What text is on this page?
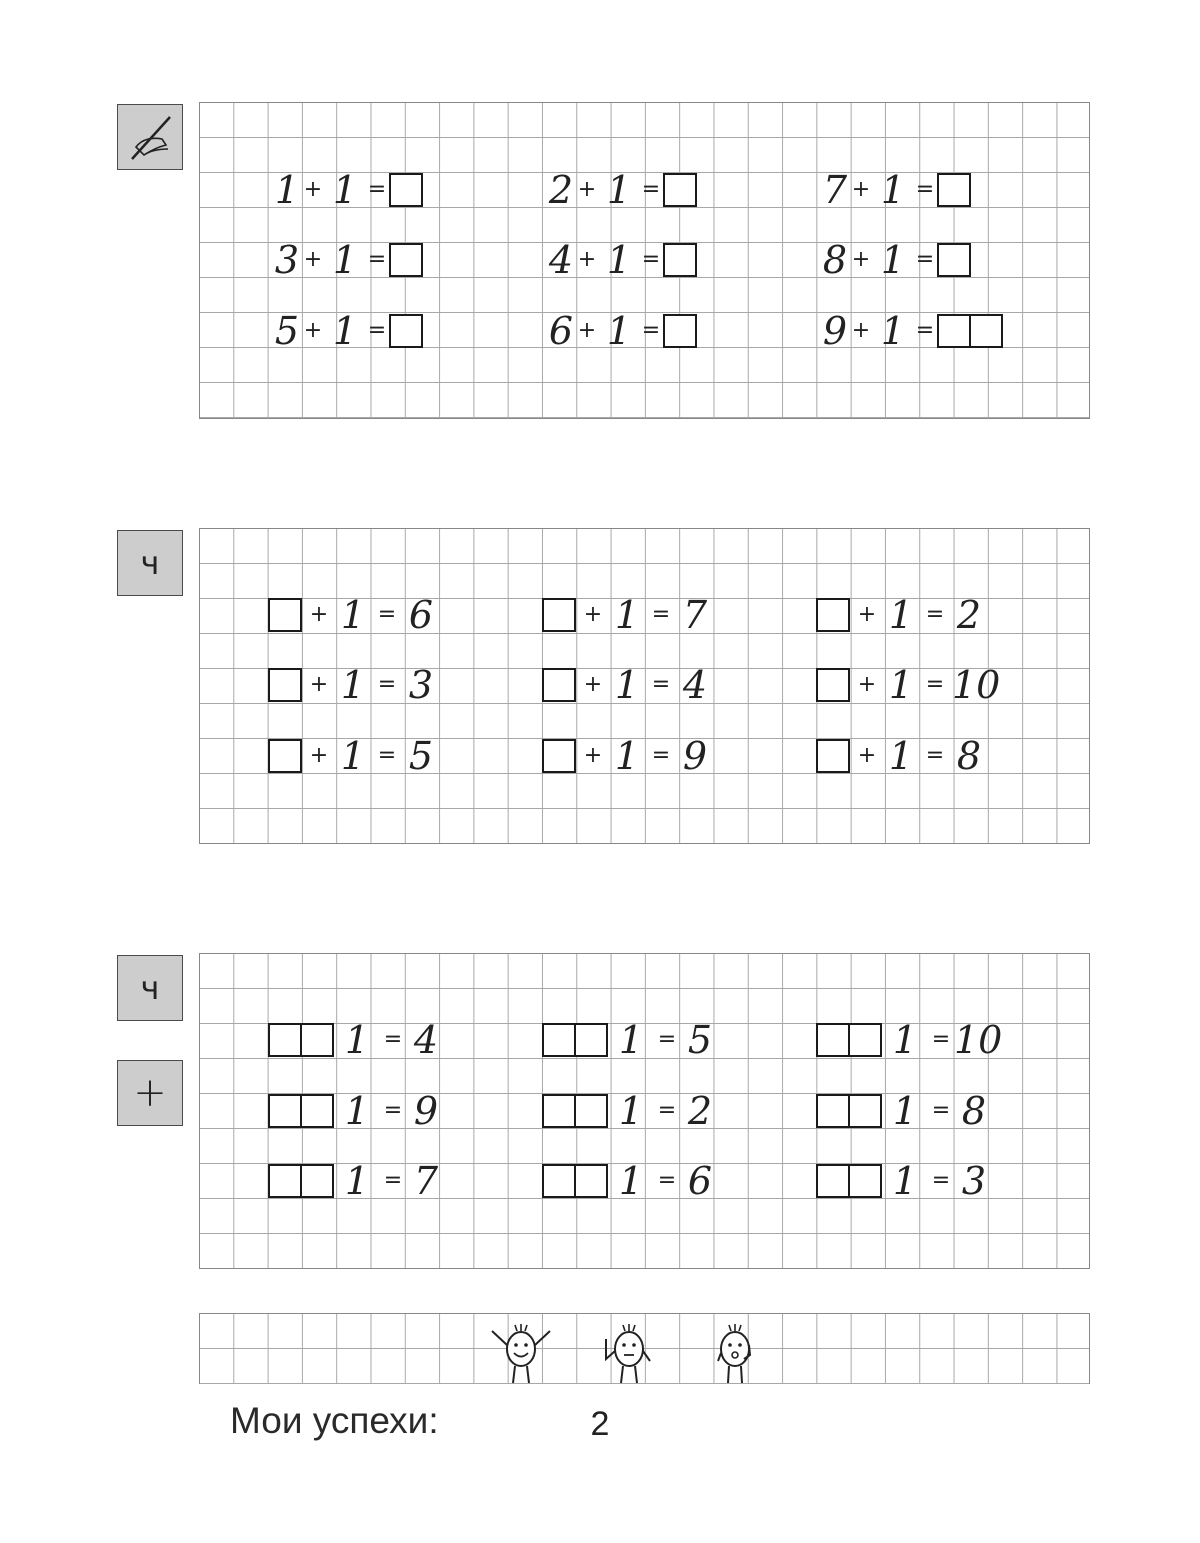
ч
ч
+
1 + 1 =	2 + 1 =	7 + 1 =
3 + 1 =	4 + 1 =	8 + 1 =
5 + 1 =	6 + 1 =	9 + 1 =
+ 1 = 6	+ 1 = 7	+ 1 = 2
+ 1 = 3	+ 1 = 4	+ 1 = 10
+ 1 = 5	+ 1 = 9	+ 1 = 8
1 = 4	1 = 5	1 = 10
1 = 9	1 = 2	1 = 8
1 = 7	1 = 6	1 = 3
Мои успехи:	2
